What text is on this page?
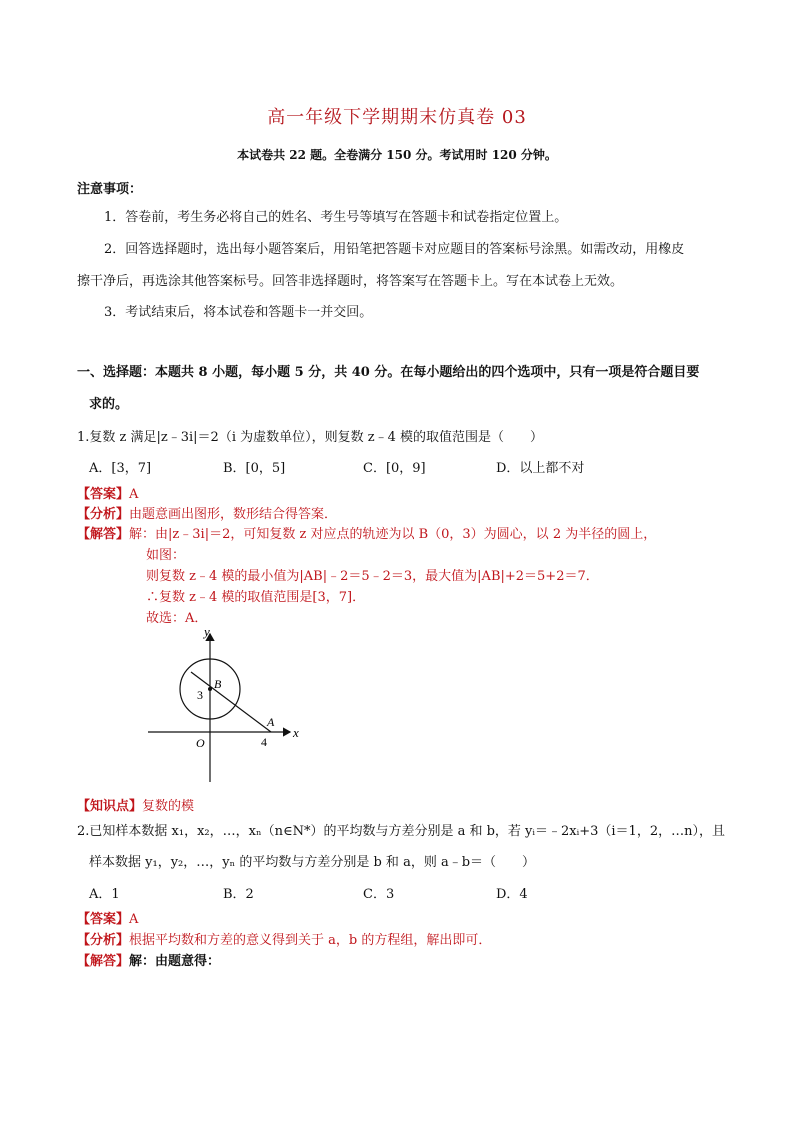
高一年级下学期期末仿真卷 03
本试卷共 22 题。全卷满分 150 分。考试用时 120 分钟。
注意事项：
1．答卷前，考生务必将自己的姓名、考生号等填写在答题卡和试卷指定位置上。
2．回答选择题时，选出每小题答案后，用铅笔把答题卡对应题目的答案标号涂黑。如需改动，用橡皮
擦干净后，再选涂其他答案标号。回答非选择题时，将答案写在答题卡上。写在本试卷上无效。
3．考试结束后，将本试卷和答题卡一并交回。
一、选择题：本题共 8 小题，每小题 5 分，共 40 分。在每小题给出的四个选项中，只有一项是符合题目要
求的。
1.复数 z 满足|z﹣3i|＝2（i 为虚数单位），则复数 z﹣4 模的取值范围是（　　）
A．[3，7]	B．[0，5]	C．[0，9]	D．以上都不对
【答案】A
【分析】由题意画出图形，数形结合得答案．
【解答】解：由|z﹣3i|＝2，可知复数 z 对应点的轨迹为以 B（0，3）为圆心，以 2 为半径的圆上，
如图：
则复数 z﹣4 模的最小值为|AB|﹣2＝5﹣2＝3，最大值为|AB|+2＝5+2＝7．
∴复数 z﹣4 模的取值范围是[3，7]．
故选：A．
y
x
O
B
3
A
4
【知识点】复数的模
2.已知样本数据 x₁，x₂，…，xₙ（n∈N*）的平均数与方差分别是 a 和 b，若 yᵢ＝﹣2xᵢ+3（i＝1，2，…n），且
样本数据 y₁，y₂，…，yₙ 的平均数与方差分别是 b 和 a，则 a﹣b＝（　　）
A．1	B．2	C．3	D．4
【答案】A
【分析】根据平均数和方差的意义得到关于 a，b 的方程组，解出即可．
【解答】解：由题意得：
